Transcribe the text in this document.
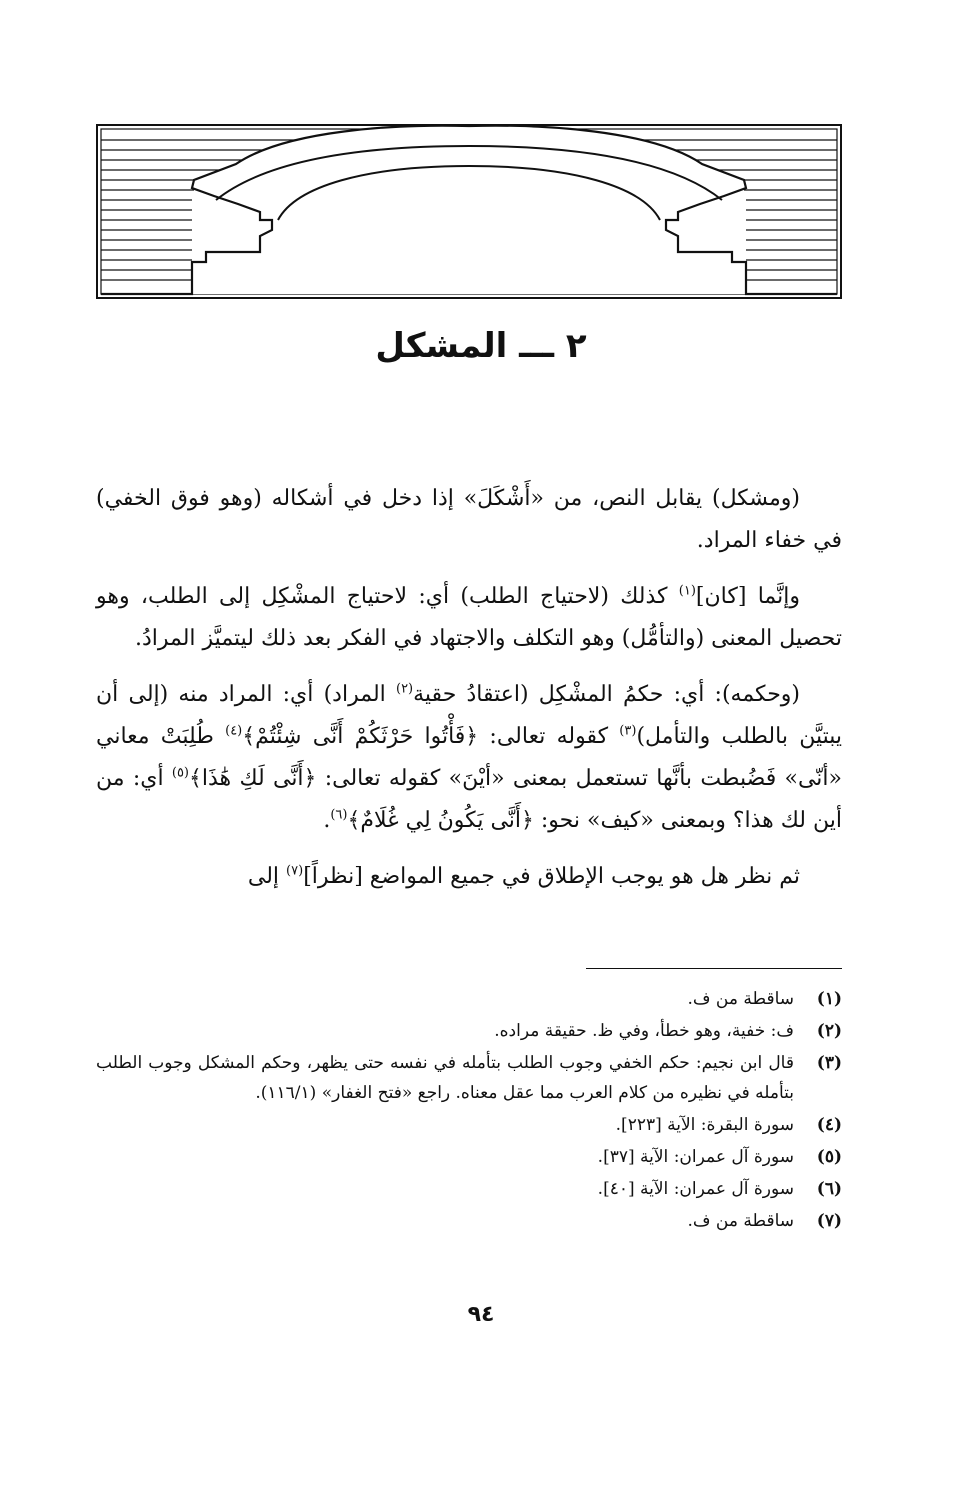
٢ ـــ المشكل

(ومشكل) يقابل النص، من «أَشْكَلَ» إذا دخل في أشكاله (وهو فوق الخفي) في خفاء المراد.

وإنَّما [كان]$^{(١)}$ كذلك (لاحتياج الطلب) أي: لاحتياج المشْكِل إلى الطلب، وهو تحصيل المعنى (والتأمُّل) وهو التكلف والاجتهاد في الفكر بعد ذلك ليتميَّز المرادُ.

(وحكمه): أي: حكمُ المشْكِل (اعتقادُ حقية$^{(٢)}$ المراد) أي: المراد منه (إلى أن يبتيَّن بالطلب والتأمل)$^{(٣)}$ كقوله تعالى: ﴿فَأْتُوا حَرْثَكُمْ أَنَّى شِئْتُمْ﴾$^{(٤)}$ طُلِبَتْ معاني «أنّى» فَضُبطت بأنَّها تستعمل بمعنى «أيْنَ» كقوله تعالى: ﴿أَنَّى لَكِ هَٰذَا﴾$^{(٥)}$ أي: من أين لك هذا؟ وبمعنى «كيف» نحو: ﴿أَنَّى يَكُونُ لِي غُلَامٌ﴾$^{(٦)}$.

ثم نظر هل هو يوجب الإطلاق في جميع المواضع [نظراً]$^{(٧)}$ إلى

(١)
ساقطة من ف.
(٢)
ف: خفية، وهو خطأ، وفي ظ. حقيقة مراده.
(٣)
قال ابن نجيم: حكم الخفي وجوب الطلب بتأمله في نفسه حتى يظهر، وحكم المشكل وجوب الطلب بتأمله في نظيره من كلام العرب مما عقل معناه. راجع «فتح الغفار» (١١٦/١).
(٤)
سورة البقرة: الآية [٢٢٣].
(٥)
سورة آل عمران: الآية [٣٧].
(٦)
سورة آل عمران: الآية [٤٠].
(٧)
ساقطة من ف.
٩٤
